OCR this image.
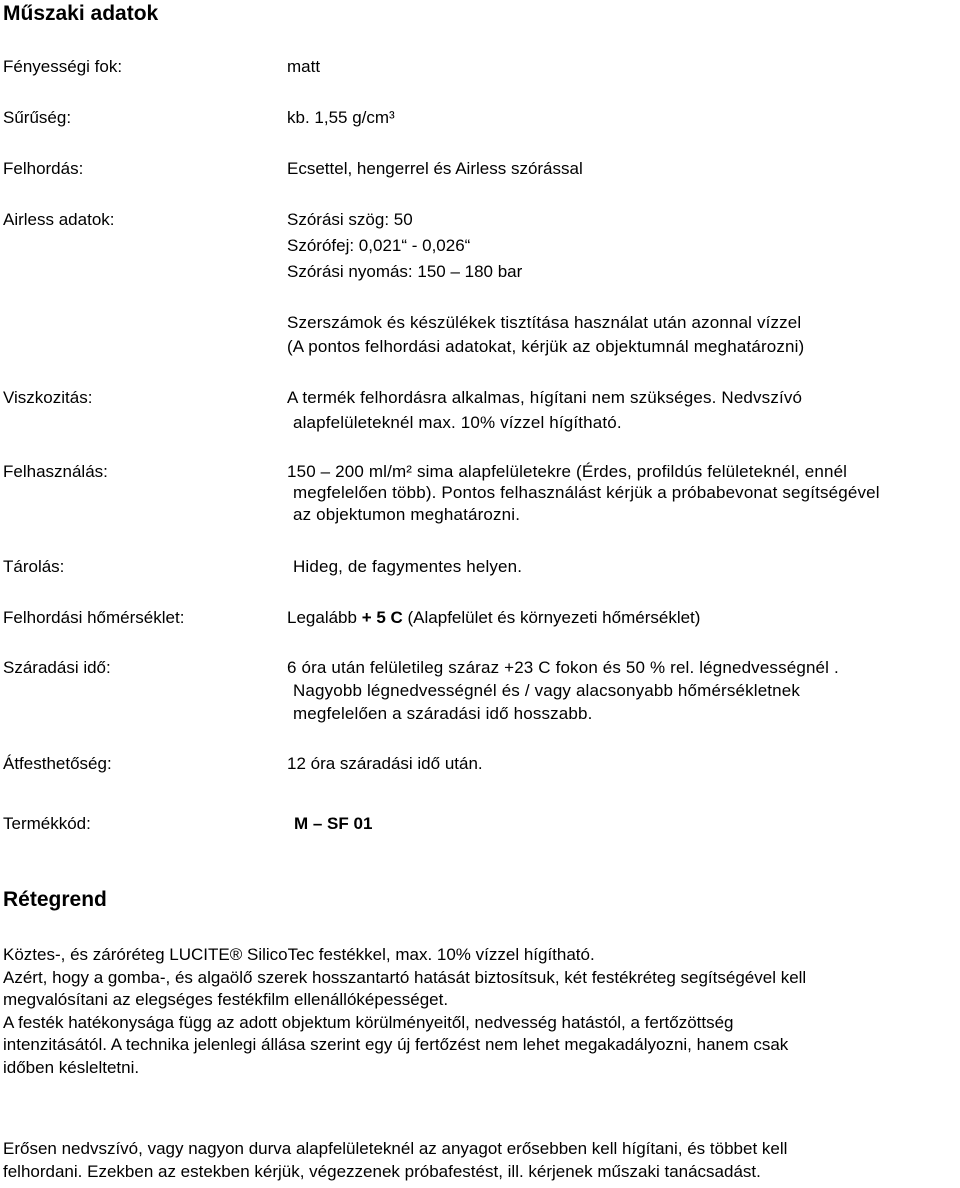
Műszaki adatok
Fényességi fok:	matt
Sűrűség:	kb. 1,55 g/cm³
Felhordás:	Ecsettel, hengerrel és Airless szórással
Airless adatok:	Szórási szög: 50
Szórófej: 0,021“ - 0,026“
Szórási nyomás: 150 – 180 bar
Szerszámok és készülékek tisztítása használat után azonnal vízzel
(A pontos felhordási adatokat, kérjük az objektumnál meghatározni)
Viszkozitás:	A termék felhordásra alkalmas, hígítani nem szükséges. Nedvszívó
alapfelületeknél max. 10% vízzel hígítható.
Felhasználás:	150 – 200 ml/m² sima alapfelületekre (Érdes, profildús felületeknél, ennél
megfelelően több). Pontos felhasználást kérjük a próbabevonat segítségével
az objektumon meghatározni.
Tárolás:	Hideg, de fagymentes helyen.
Felhordási hőmérséklet:	Legalább + 5 C (Alapfelület és környezeti hőmérséklet)
Száradási idő:	6 óra után felületileg száraz +23 C fokon és 50 % rel. légnedvességnél .
Nagyobb légnedvességnél és / vagy alacsonyabb hőmérsékletnek
megfelelően a száradási idő hosszabb.
Átfesthetőség:	12 óra száradási idő után.
Termékkód:	M – SF 01
Rétegrend
Köztes-, és záróréteg LUCITE® SilicoTec festékkel, max. 10% vízzel hígítható.
Azért, hogy a gomba-, és algaölő szerek hosszantartó hatását biztosítsuk, két festékréteg segítségével kell
megvalósítani az elegséges festékfilm ellenállóképességet.
A festék hatékonysága függ az adott objektum körülményeitől, nedvesség hatástól, a fertőzöttség
intenzitásától. A technika jelenlegi állása szerint egy új fertőzést nem lehet megakadályozni, hanem csak
időben késleltetni.
Erősen nedvszívó, vagy nagyon durva alapfelületeknél az anyagot erősebben kell hígítani, és többet kell
felhordani. Ezekben az estekben kérjük, végezzenek próbafestést, ill. kérjenek műszaki tanácsadást.
